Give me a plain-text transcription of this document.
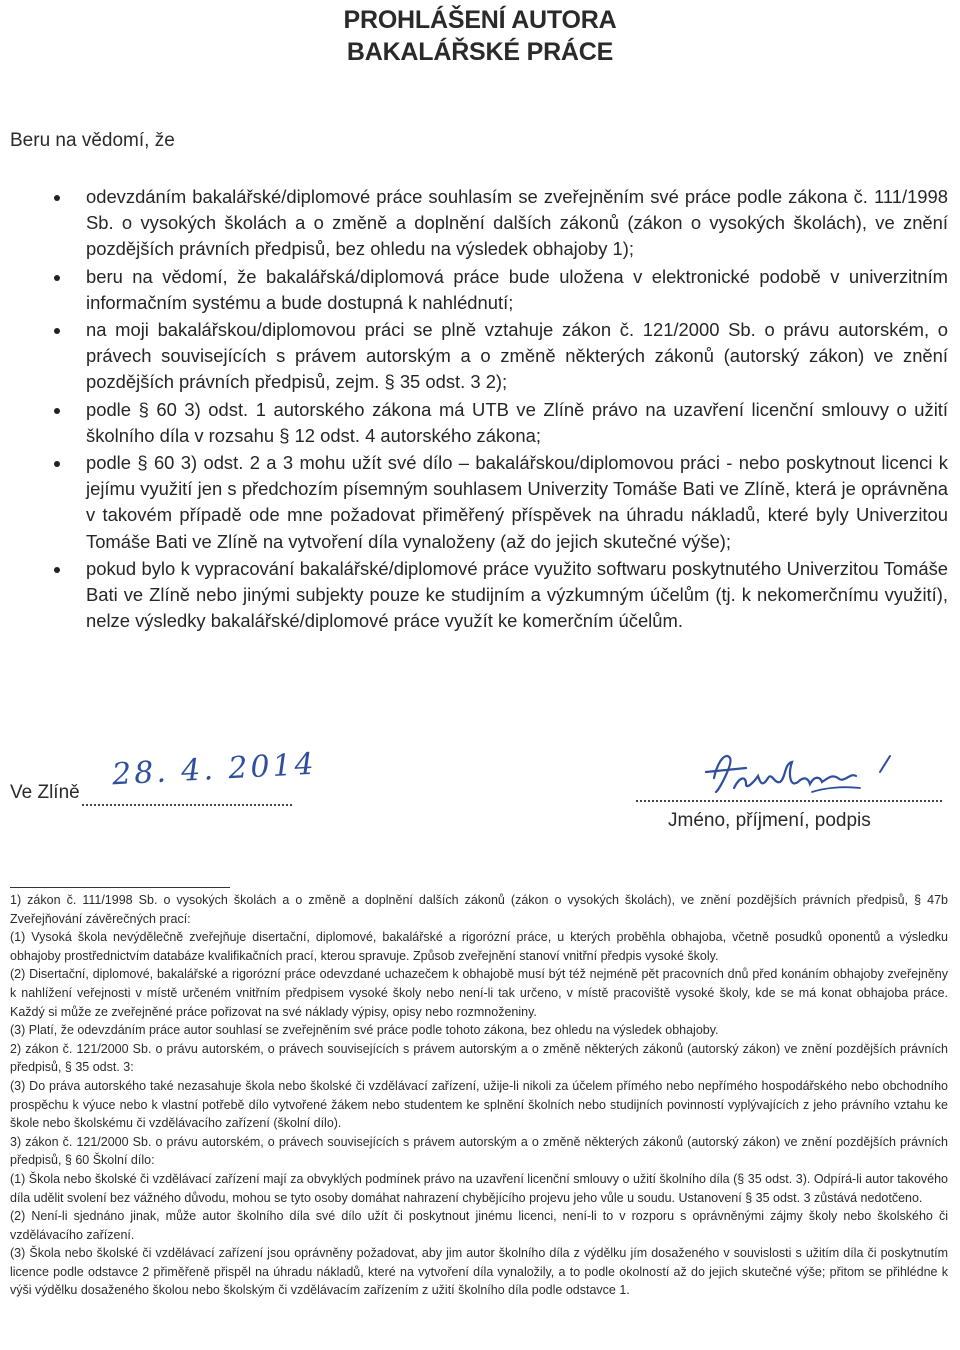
PROHLÁŠENÍ AUTORA
BAKALÁŘSKÉ PRÁCE
Beru na vědomí, že
odevzdáním bakalářské/diplomové práce souhlasím se zveřejněním své práce podle zákona č. 111/1998 Sb. o vysokých školách a o změně a doplnění dalších zákonů (zákon o vysokých školách), ve znění pozdějších právních předpisů, bez ohledu na výsledek obhajoby 1);
beru na vědomí, že bakalářská/diplomová práce bude uložena v elektronické podobě v univerzitním informačním systému a bude dostupná k nahlédnutí;
na moji bakalářskou/diplomovou práci se plně vztahuje zákon č. 121/2000 Sb. o právu autorském, o právech souvisejících s právem autorským a o změně některých zákonů (autorský zákon) ve znění pozdějších právních předpisů, zejm. § 35 odst. 3 2);
podle § 60 3) odst. 1 autorského zákona má UTB ve Zlíně právo na uzavření licenční smlouvy o užití školního díla v rozsahu § 12 odst. 4 autorského zákona;
podle § 60 3) odst. 2 a 3 mohu užít své dílo – bakalářskou/diplomovou práci - nebo poskytnout licenci k jejímu využití jen s předchozím písemným souhlasem Univerzity Tomáše Bati ve Zlíně, která je oprávněna v takovém případě ode mne požadovat přiměřený příspěvek na úhradu nákladů, které byly Univerzitou Tomáše Bati ve Zlíně na vytvoření díla vynaloženy (až do jejich skutečné výše);
pokud bylo k vypracování bakalářské/diplomové práce využito softwaru poskytnutého Univerzitou Tomáše Bati ve Zlíně nebo jinými subjekty pouze ke studijním a výzkumným účelům (tj. k nekomerčnímu využití), nelze výsledky bakalářské/diplomové práce využít ke komerčním účelům.
Ve Zlíně
28. 4. 2014
Jméno, příjmení, podpis

1) zákon č. 111/1998 Sb. o vysokých školách a o změně a doplnění dalších zákonů (zákon o vysokých školách), ve znění pozdějších právních předpisů, § 47b Zveřejňování závěrečných prací:

(1) Vysoká škola nevýdělečně zveřejňuje disertační, diplomové, bakalářské a rigorózní práce, u kterých proběhla obhajoba, včetně posudků oponentů a výsledku obhajoby prostřednictvím databáze kvalifikačních prací, kterou spravuje. Způsob zveřejnění stanoví vnitřní předpis vysoké školy.

(2) Disertační, diplomové, bakalářské a rigorózní práce odevzdané uchazečem k obhajobě musí být též nejméně pět pracovních dnů před konáním obhajoby zveřejněny k nahlížení veřejnosti v místě určeném vnitřním předpisem vysoké školy nebo není-li tak určeno, v místě pracoviště vysoké školy, kde se má konat obhajoba práce. Každý si může ze zveřejněné práce pořizovat na své náklady výpisy, opisy nebo rozmnoženiny.

(3) Platí, že odevzdáním práce autor souhlasí se zveřejněním své práce podle tohoto zákona, bez ohledu na výsledek obhajoby.

2) zákon č. 121/2000 Sb. o právu autorském, o právech souvisejících s právem autorským a o změně některých zákonů (autorský zákon) ve znění pozdějších právních předpisů, § 35 odst. 3:

(3) Do práva autorského také nezasahuje škola nebo školské či vzdělávací zařízení, užije-li nikoli za účelem přímého nebo nepřímého hospodářského nebo obchodního prospěchu k výuce nebo k vlastní potřebě dílo vytvořené žákem nebo studentem ke splnění školních nebo studijních povinností vyplývajících z jeho právního vztahu ke škole nebo školskému či vzdělávacího zařízení (školní dílo).

3) zákon č. 121/2000 Sb. o právu autorském, o právech souvisejících s právem autorským a o změně některých zákonů (autorský zákon) ve znění pozdějších právních předpisů, § 60 Školní dílo:

(1) Škola nebo školské či vzdělávací zařízení mají za obvyklých podmínek právo na uzavření licenční smlouvy o užití školního díla (§ 35 odst. 3). Odpírá-li autor takového díla udělit svolení bez vážného důvodu, mohou se tyto osoby domáhat nahrazení chybějícího projevu jeho vůle u soudu. Ustanovení § 35 odst. 3 zůstává nedotčeno.

(2) Není-li sjednáno jinak, může autor školního díla své dílo užít či poskytnout jinému licenci, není-li to v rozporu s oprávněnými zájmy školy nebo školského či vzdělávacího zařízení.

(3) Škola nebo školské či vzdělávací zařízení jsou oprávněny požadovat, aby jim autor školního díla z výdělku jím dosaženého v souvislosti s užitím díla či poskytnutím licence podle odstavce 2 přiměřeně přispěl na úhradu nákladů, které na vytvoření díla vynaložily, a to podle okolností až do jejich skutečné výše; přitom se přihlédne k výši výdělku dosaženého školou nebo školským či vzdělávacím zařízením z užití školního díla podle odstavce 1.
